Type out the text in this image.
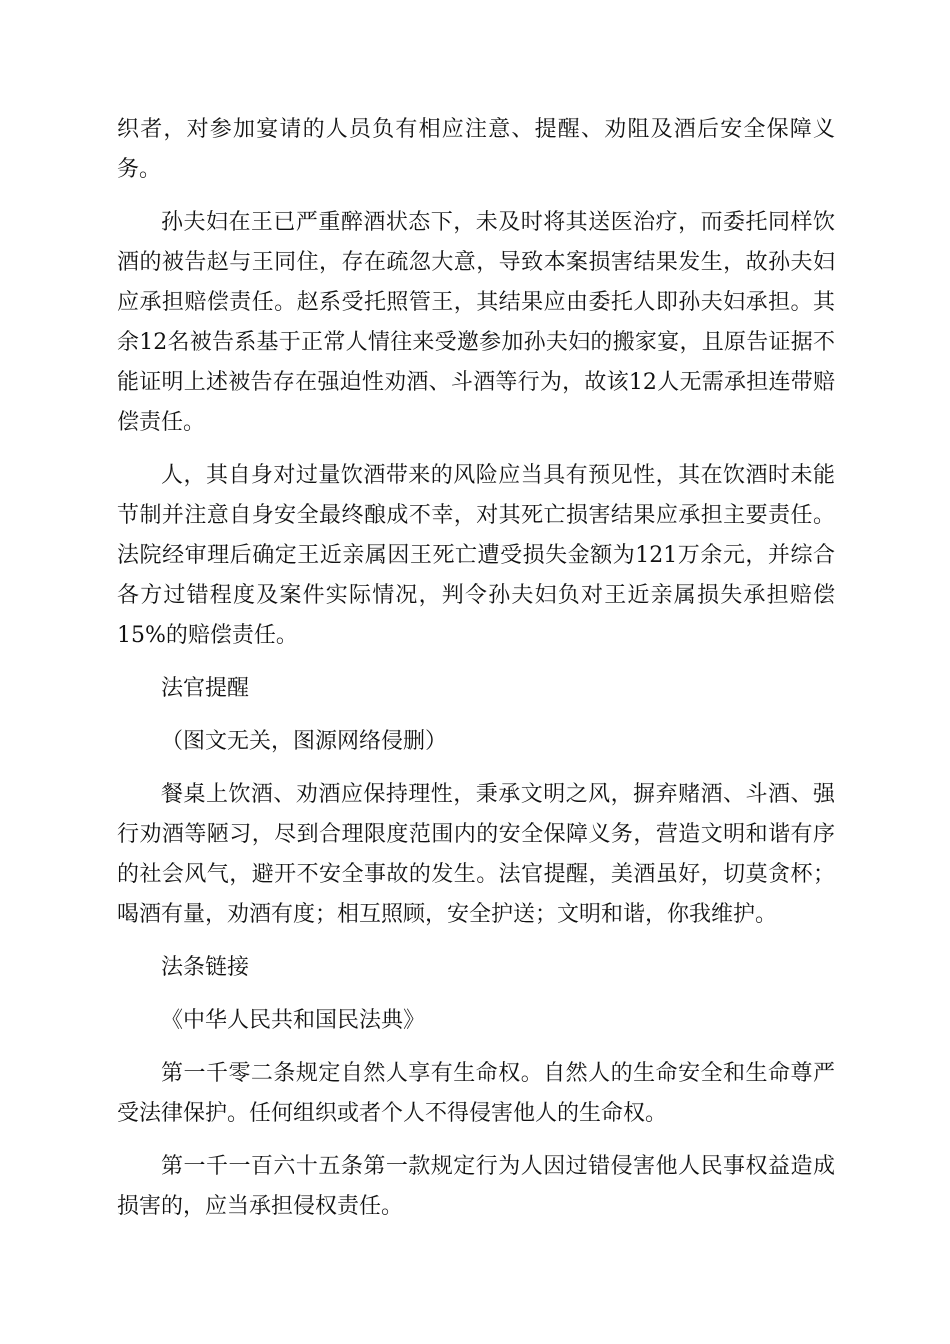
织者，对参加宴请的人员负有相应注意、提醒、劝阻及酒后安全保障义务。

孙夫妇在王已严重醉酒状态下，未及时将其送医治疗，而委托同样饮酒的被告赵与王同住，存在疏忽大意，导致本案损害结果发生，故孙夫妇应承担赔偿责任。赵系受托照管王，其结果应由委托人即孙夫妇承担。其余12名被告系基于正常人情往来受邀参加孙夫妇的搬家宴，且原告证据不能证明上述被告存在强迫性劝酒、斗酒等行为，故该12人无需承担连带赔偿责任。

人，其自身对过量饮酒带来的风险应当具有预见性，其在饮酒时未能节制并注意自身安全最终酿成不幸，对其死亡损害结果应承担主要责任。法院经审理后确定王近亲属因王死亡遭受损失金额为121万余元，并综合各方过错程度及案件实际情况，判令孙夫妇负对王近亲属损失承担赔偿15%的赔偿责任。

法官提醒

（图文无关，图源网络侵删）

餐桌上饮酒、劝酒应保持理性，秉承文明之风，摒弃赌酒、斗酒、强行劝酒等陋习，尽到合理限度范围内的安全保障义务，营造文明和谐有序的社会风气，避开不安全事故的发生。法官提醒，美酒虽好，切莫贪杯；喝酒有量，劝酒有度；相互照顾，安全护送；文明和谐，你我维护。

法条链接

《中华人民共和国民法典》

第一千零二条规定自然人享有生命权。自然人的生命安全和生命尊严受法律保护。任何组织或者个人不得侵害他人的生命权。

第一千一百六十五条第一款规定行为人因过错侵害他人民事权益造成损害的，应当承担侵权责任。
